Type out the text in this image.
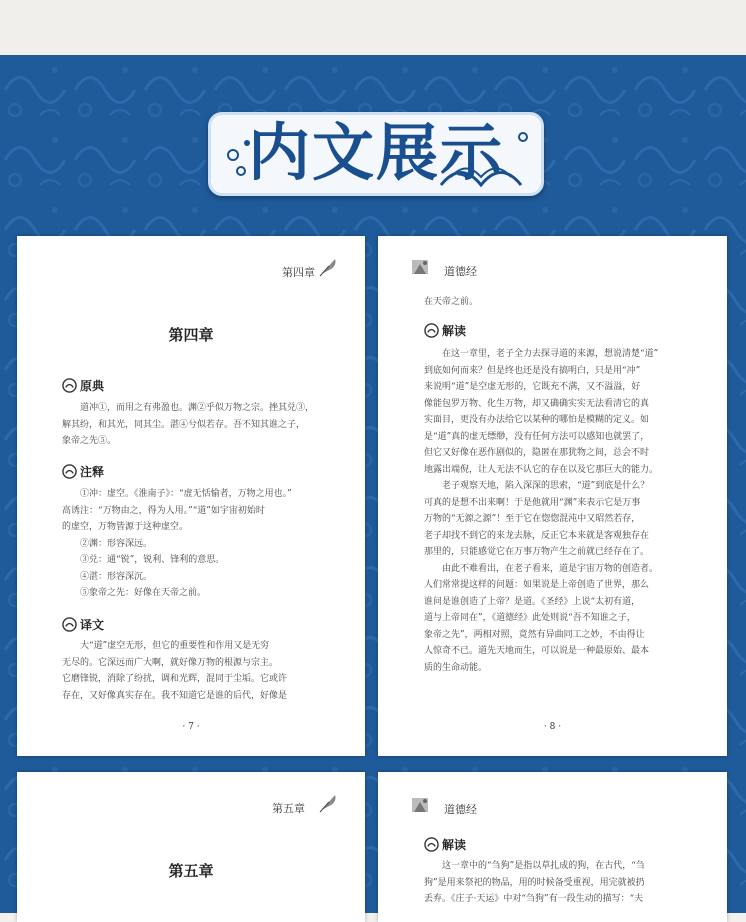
内文展示
第四章
第四章
原典

道冲①，而用之有弗盈也。渊②乎似万物之宗。挫其兑③，

解其纷，和其光，同其尘。湛④兮似若存。吾不知其谁之子，

象帝之先⑤。

注释

①冲：虚空。《淮南子》：“虚无恬愉者，万物之用也。”

高诱注：“万物由之，得为人用。”“道”如宇宙初始时

的虚空，万物皆源于这种虚空。

②渊：形容深远。

③兑：通“锐”，锐利、锋利的意思。

④湛：形容深沉。

⑤象帝之先：好像在天帝之前。

译文

大“道”虚空无形，但它的重要性和作用又是无穷

无尽的。它深远而广大啊，就好像万物的根源与宗主。

它磨锋锐，消除了纷扰，调和光辉，混同于尘垢。它或许

存在，又好像真实存在。我不知道它是谁的后代，好像是

· 7 ·
道德经
在天帝之前。
解读

在这一章里，老子全力去探寻道的来源，想说清楚“道”

到底如何而来？但是终也还是没有搞明白，只是用“冲”

来说明“道”是空虚无形的，它既充不满，又不溢溢，好

像能包罗万物、化生万物，却又确确实实无法看清它的真

实面目，更没有办法给它以某种的哪怕是模糊的定义。如

是“道”真的虚无缥缈，没有任何方法可以感知也就罢了，

但它又好像在恶作剧似的，隐匿在那犹物之间，总会不时

地露出端倪，让人无法不认它的存在以及它那巨大的能力。

老子观察天地，陷入深深的思索，“道”到底是什么？

可真的是想不出来啊！于是他就用“渊”来表示它是万事

万物的“无源之源”！至于它在惚惚混沌中又昭然若存，

老子却找不到它的来龙去脉，反正它本来就是客观独存在

那里的，只能感觉它在万事万物产生之前就已经存在了。

由此不难看出，在老子看来，道是宇宙万物的创造者。

人们常常提这样的问题：如果说是上帝创造了世界，那么

谁问是谁创造了上帝？是道。《圣经》上说“太初有道，

道与上帝同在”，《道德经》此处则说“吾不知谁之子，

象帝之先”，两相对照，竟然有异曲同工之妙，不由得让

人惊奇不已。道先天地而生，可以说是一种最原始、最本

质的生命动能。

· 8 ·
第五章
第五章
道德经
解读

这一章中的“刍狗”是指以草扎成的狗，在古代，“刍

狗”是用来祭祀的物品，用的时候备受重视，用完就被扔

丢弃。《庄子·天运》中对“刍狗”有一段生动的描写：“夫
